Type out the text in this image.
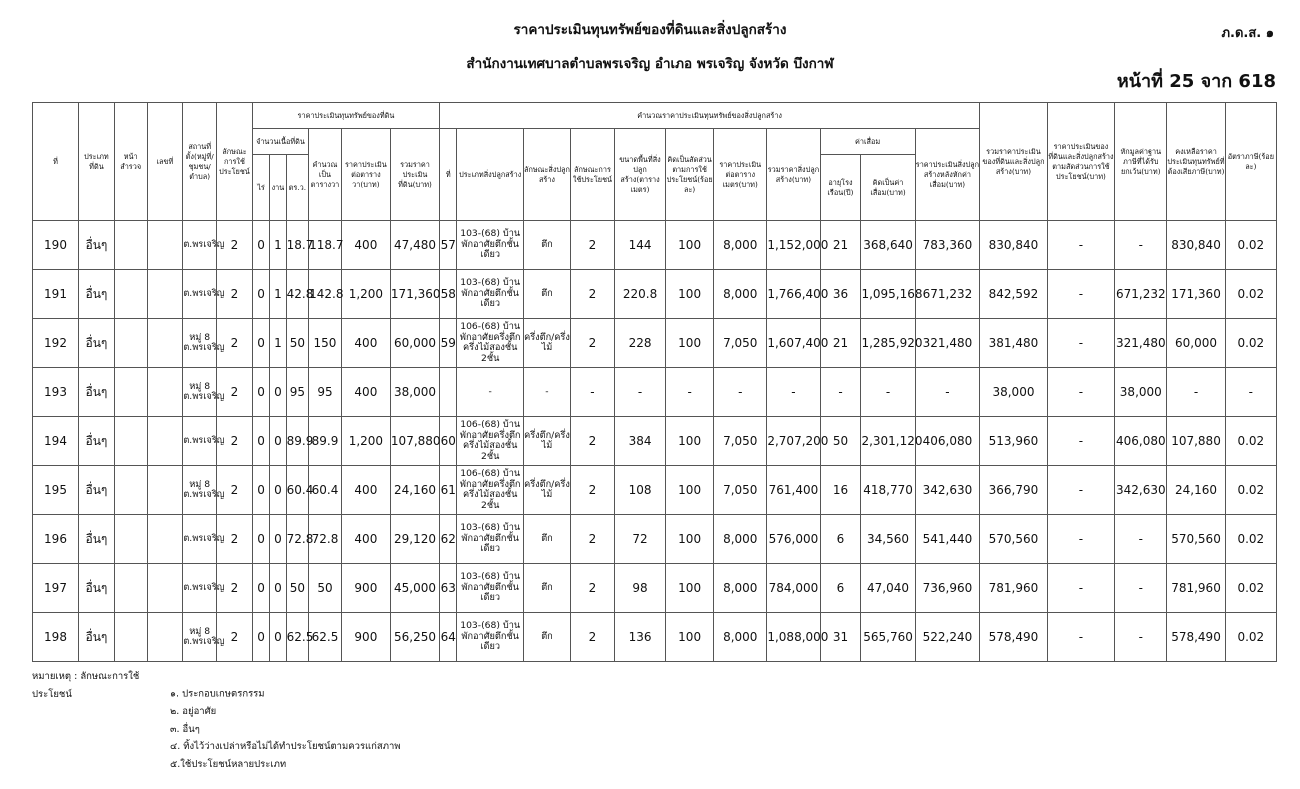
ราคาประเมินทุนทรัพย์ของที่ดินและสิ่งปลูกสร้าง
สำนักงานเทศบาลตำบลพรเจริญ อำเภอ พรเจริญ จังหวัด บึงกาฬ
ภ.ด.ส. ๑
หน้าที่ 25 จาก 618
ที่	ประเภทที่ดิน	หน้าสำรวจ	เลขที่	สถานที่ตั้ง(หมู่ที่/ชุมชน/ตำบล)	ลักษณะการใช้ประโยชน์	ราคาประเมินทุนทรัพย์ของที่ดิน						คำนวณราคาประเมินทุนทรัพย์ของสิ่งปลูกสร้าง											รวมราคาประเมินของที่ดินและสิ่งปลูกสร้าง(บาท)	ราคาประเมินของที่ดินและสิ่งปลูกสร้างตามสัดส่วนการใช้ประโยชน์(บาท)	หักมูลค่าฐานภาษีที่ได้รับยกเว้น(บาท)	คงเหลือราคาประเมินทุนทรัพย์ที่ต้องเสียภาษี(บาท)	อัตราภาษี(ร้อยละ)
						จำนวนเนื้อที่ดิน			คำนวณเป็นตารางวา	ราคาประเมินต่อตารางวา(บาท)	รวมราคาประเมินที่ดิน(บาท)	ที่	ประเภทสิ่งปลูกสร้าง	ลักษณะสิ่งปลูกสร้าง	ลักษณะการใช้ประโยชน์	ขนาดพื้นที่สิ่งปลูกสร้าง(ตารางเมตร)	คิดเป็นสัดส่วนตามการใช้ประโยชน์(ร้อยละ)	ราคาประเมินต่อตารางเมตร(บาท)	รวมราคาสิ่งปลูกสร้าง(บาท)	ค่าเสื่อม		ราคาประเมินสิ่งปลูกสร้างหลังหักค่าเสื่อม(บาท)					
						ไร่	งาน	ตร.ว.												อายุโรงเรือน(ปี)	คิดเป็นค่าเสื่อม(บาท)						
190	อื่นๆ			ต.พรเจริญ	2	0	1	18.7	118.7	400	47,480	57	103-(68) บ้านพักอาศัยตึกชั้นเดียว	ตึก	2	144	100	8,000	1,152,000	21	368,640	783,360	830,840	-	-	830,840	0.02
191	อื่นๆ			ต.พรเจริญ	2	0	1	42.8	142.8	1,200	171,360	58	103-(68) บ้านพักอาศัยตึกชั้นเดียว	ตึก	2	220.8	100	8,000	1,766,400	36	1,095,168	671,232	842,592	-	671,232	171,360	0.02
192	อื่นๆ			หมู่ 8 ต.พรเจริญ	2	0	1	50	150	400	60,000	59	106-(68) บ้านพักอาศัยครึ่งตึกครึ่งไม้สองชั้น 2ชั้น	ครึ่งตึก/ครึ่งไม้	2	228	100	7,050	1,607,400	21	1,285,920	321,480	381,480	-	321,480	60,000	0.02
193	อื่นๆ			หมู่ 8 ต.พรเจริญ	2	0	0	95	95	400	38,000		-	-	-	-	-	-	-	-	-	-	38,000	-	38,000	-	-
194	อื่นๆ			ต.พรเจริญ	2	0	0	89.9	89.9	1,200	107,880	60	106-(68) บ้านพักอาศัยครึ่งตึกครึ่งไม้สองชั้น 2ชั้น	ครึ่งตึก/ครึ่งไม้	2	384	100	7,050	2,707,200	50	2,301,120	406,080	513,960	-	406,080	107,880	0.02
195	อื่นๆ			หมู่ 8 ต.พรเจริญ	2	0	0	60.4	60.4	400	24,160	61	106-(68) บ้านพักอาศัยครึ่งตึกครึ่งไม้สองชั้น 2ชั้น	ครึ่งตึก/ครึ่งไม้	2	108	100	7,050	761,400	16	418,770	342,630	366,790	-	342,630	24,160	0.02
196	อื่นๆ			ต.พรเจริญ	2	0	0	72.8	72.8	400	29,120	62	103-(68) บ้านพักอาศัยตึกชั้นเดียว	ตึก	2	72	100	8,000	576,000	6	34,560	541,440	570,560	-	-	570,560	0.02
197	อื่นๆ			ต.พรเจริญ	2	0	0	50	50	900	45,000	63	103-(68) บ้านพักอาศัยตึกชั้นเดียว	ตึก	2	98	100	8,000	784,000	6	47,040	736,960	781,960	-	-	781,960	0.02
198	อื่นๆ			หมู่ 8 ต.พรเจริญ	2	0	0	62.5	62.5	900	56,250	64	103-(68) บ้านพักอาศัยตึกชั้นเดียว	ตึก	2	136	100	8,000	1,088,000	31	565,760	522,240	578,490	-	-	578,490	0.02
หมายเหตุ : ลักษณะการใช้ประโยชน์	๑. ประกอบเกษตรกรรม
๒. อยู่อาศัย
๓. อื่นๆ
๔. ทิ้งไว้ว่างเปล่าหรือไม่ได้ทำประโยชน์ตามควรแก่สภาพ
๕.ใช้ประโยชน์หลายประเภท
